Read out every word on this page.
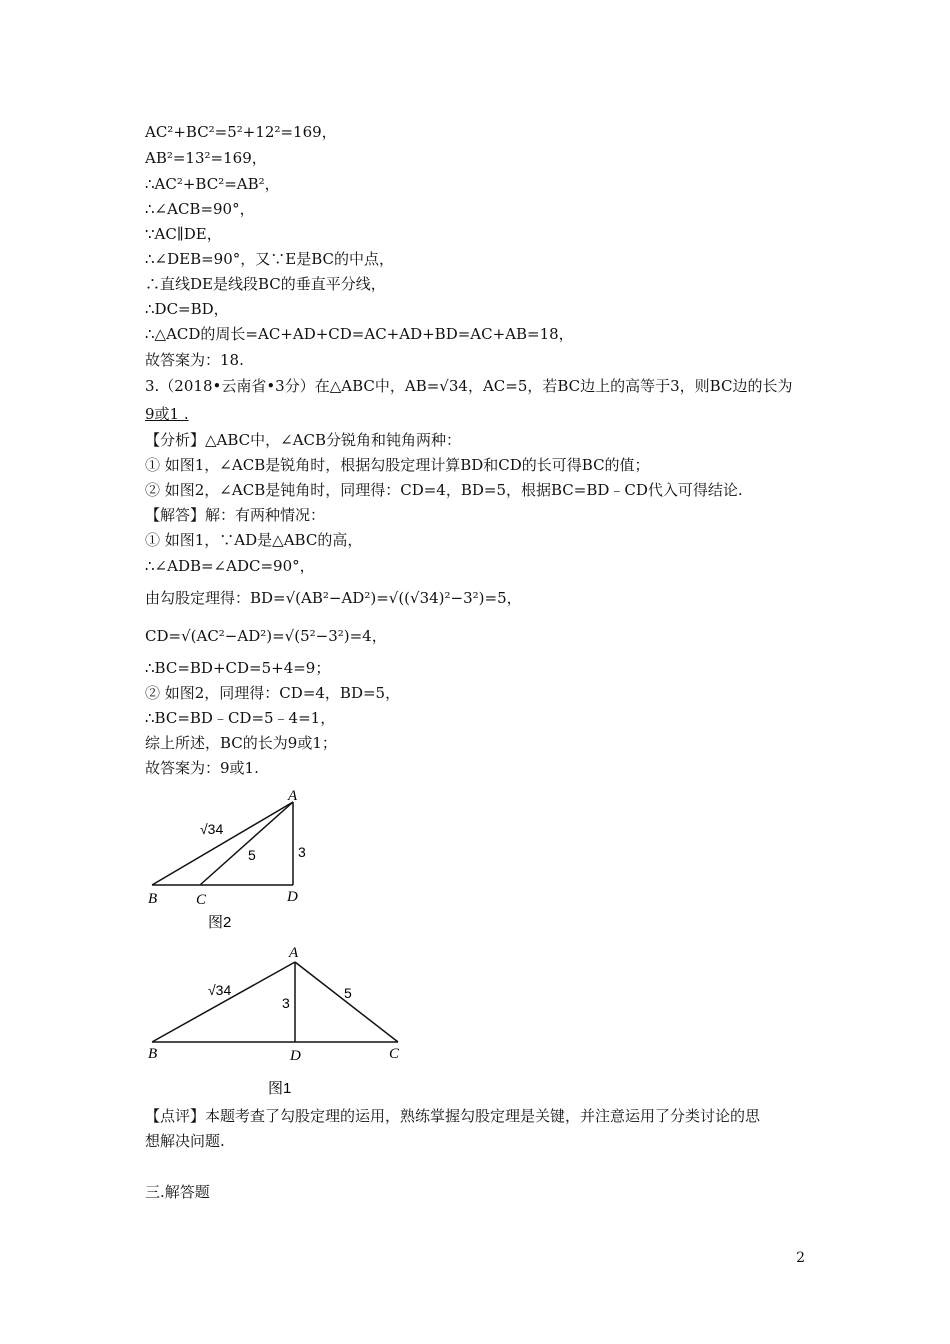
AC²+BC²=5²+12²=169，
AB²=13²=169，
∴AC²+BC²=AB²，
∴∠ACB=90°，
∵AC∥DE，
∴∠DEB=90°，又∵E是BC的中点，
∴直线DE是线段BC的垂直平分线，
∴DC=BD，
∴△ACD的周长=AC+AD+CD=AC+AD+BD=AC+AB=18，
故答案为：18.
3.（2018•云南省•3分）在△ABC中，AB=√34，AC=5，若BC边上的高等于3，则BC边的长为
9或1 .
【分析】△ABC中，∠ACB分锐角和钝角两种：
① 如图1，∠ACB是锐角时，根据勾股定理计算BD和CD的长可得BC的值；
② 如图2，∠ACB是钝角时，同理得：CD=4，BD=5，根据BC=BD﹣CD代入可得结论.
【解答】解：有两种情况：
① 如图1，∵AD是△ABC的高，
∴∠ADB=∠ADC=90°，
由勾股定理得：BD=√(AB²−AD²)=√((√34)²−3²)=5，
CD=√(AC²−AD²)=√(5²−3²)=4，
∴BC=BD+CD=5+4=9；
② 如图2，同理得：CD=4，BD=5，
∴BC=BD﹣CD=5﹣4=1，
综上所述，BC的长为9或1；
故答案为：9或1.
A
B	C	D
√34
5	3
图2
A
B	D	C
√34
3
5
图1
【点评】本题考查了勾股定理的运用，熟练掌握勾股定理是关键，并注意运用了分类讨论的思
想解决问题.
三.解答题
2
